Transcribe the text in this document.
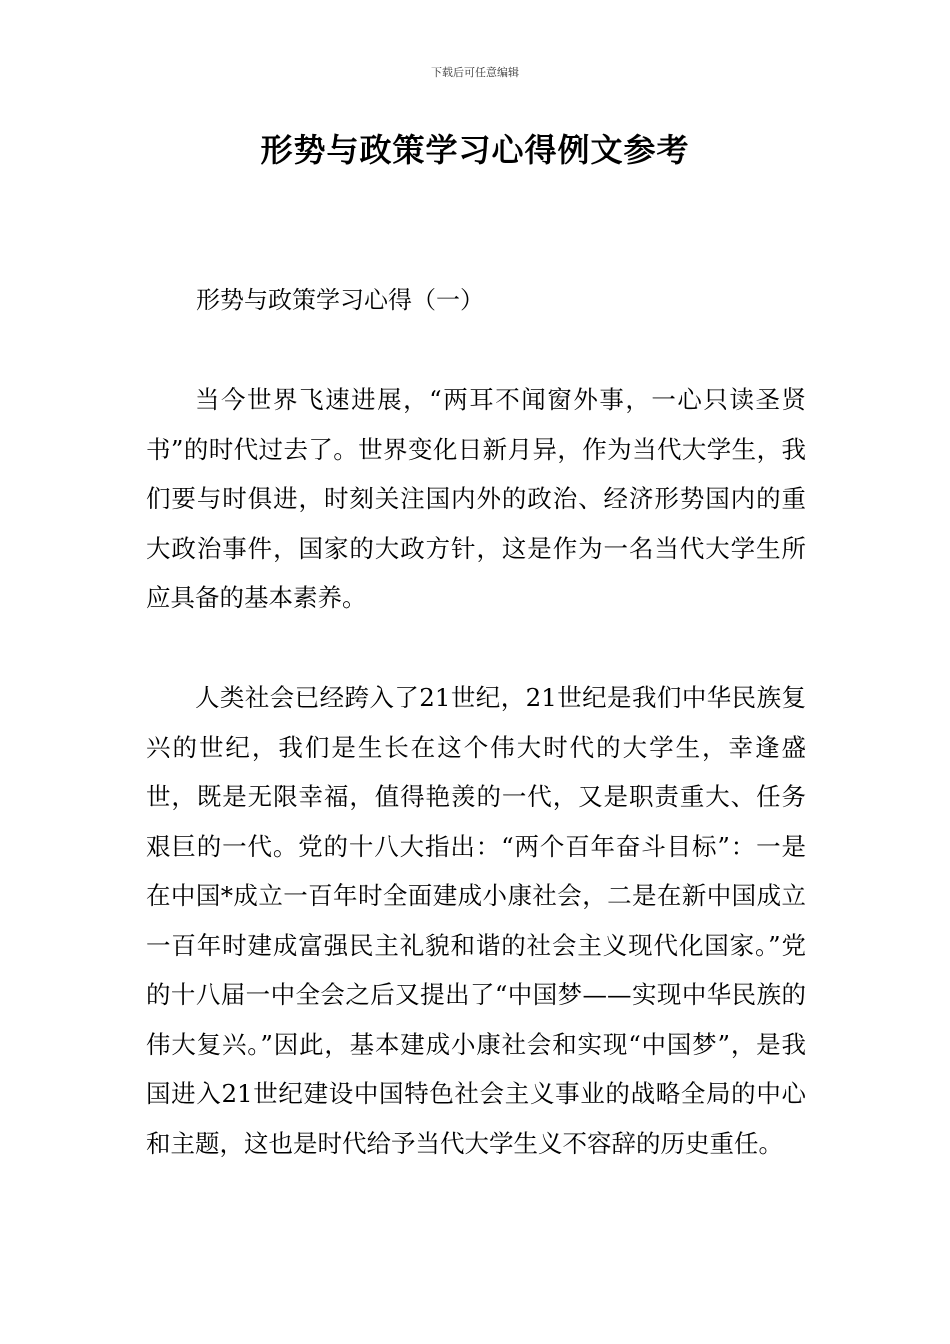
下载后可任意编辑
形势与政策学习心得例文参考
形势与政策学习心得（一）

当今世界飞速进展，“两耳不闻窗外事，一心只读圣贤书”的时代过去了。世界变化日新月异，作为当代大学生，我们要与时俱进，时刻关注国内外的政治、经济形势国内的重大政治事件，国家的大政方针，这是作为一名当代大学生所应具备的基本素养。

人类社会已经跨入了21世纪，21世纪是我们中华民族复兴的世纪，我们是生长在这个伟大时代的大学生，幸逢盛世，既是无限幸福，值得艳羡的一代，又是职责重大、任务艰巨的一代。党的十八大指出：“两个百年奋斗目标”：一是在中国*成立一百年时全面建成小康社会，二是在新中国成立一百年时建成富强民主礼貌和谐的社会主义现代化国家。”党的十八届一中全会之后又提出了“中国梦——实现中华民族的伟大复兴。”因此，基本建成小康社会和实现“中国梦”，是我国进入21世纪建设中国特色社会主义事业的战略全局的中心和主题，这也是时代给予当代大学生义不容辞的历史重任。
